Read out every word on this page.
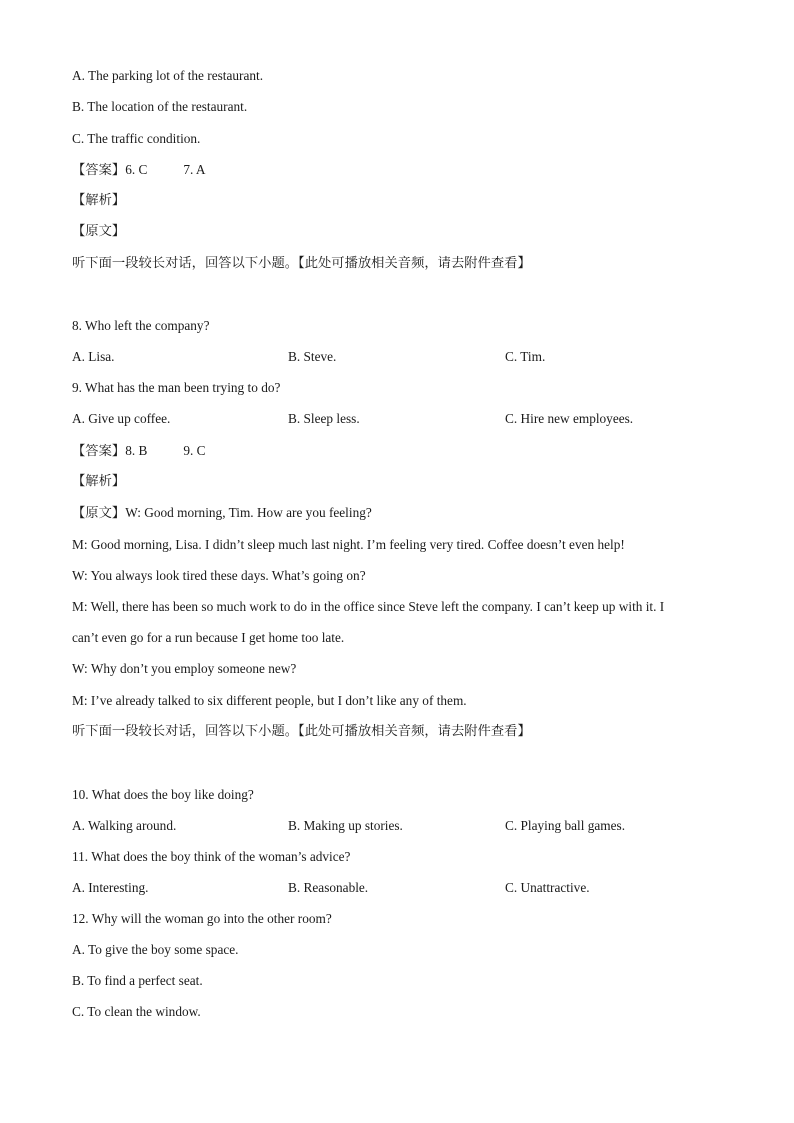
A. The parking lot of the restaurant.
B. The location of the restaurant.
C. The traffic condition.
【答案】6. C	7. A
【解析】
【原文】
听下面一段较长对话，回答以下小题。【此处可播放相关音频，请去附件查看】
8. Who left the company?
A. Lisa.	B. Steve.	C. Tim.
9. What has the man been trying to do?
A. Give up coffee.	B. Sleep less.	C. Hire new employees.
【答案】8. B	9. C
【解析】
【原文】W: Good morning, Tim. How are you feeling?
M: Good morning, Lisa. I didn’t sleep much last night. I’m feeling very tired. Coffee doesn’t even help!
W: You always look tired these days. What’s going on?
M: Well, there has been so much work to do in the office since Steve left the company. I can’t keep up with it. I
can’t even go for a run because I get home too late.
W: Why don’t you employ someone new?
M: I’ve already talked to six different people, but I don’t like any of them.
听下面一段较长对话，回答以下小题。【此处可播放相关音频，请去附件查看】
10. What does the boy like doing?
A. Walking around.	B. Making up stories.	C. Playing ball games.
11. What does the boy think of the woman’s advice?
A. Interesting.	B. Reasonable.	C. Unattractive.
12. Why will the woman go into the other room?
A. To give the boy some space.
B. To find a perfect seat.
C. To clean the window.
